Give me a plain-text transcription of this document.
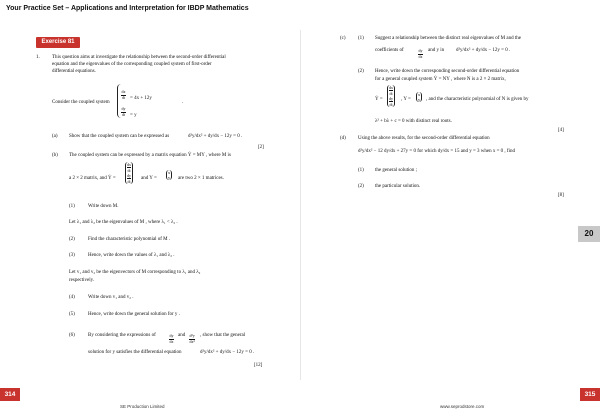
Your Practice Set – Applications and Interpretation for IBDP Mathematics
Exercise 81
1. This question aims at investigate the relationship between the second-order differential
equation and the eigenvalues of the corresponding coupled system of first-order
differential equations.
Consider the coupled system
$\frac{dx}{dt} = 4x + 12y$
.
$\frac{dy}{dt} = y$
(a) Show that the coupled system can be expressed as	d²y/dx² + dy/dx − 12y = 0 .
[2]
(b) The coupled system can be expressed by a matrix equation Ẏ = MY , where M is
a 2 × 2 matrix, and Ẏ =
dx
dt
dy
dt
and Y =
x
y are two 2 × 1 matrices.
(1)	Write down M.
Let λ₁ and λ₂ be the eigenvalues of M , where λ₁ < λ₂ .
(2)	Find the characteristic polynomial of M .
(3)	Hence, write down the values of λ₁ and λ₂ .
Let v₁ and v₂ be the eigenvectors of M corresponding to λ₁ and λ₂
respectively.
(4)	Write down v₁ and v₂ .
(5)	Hence, write down the general solution for y .
(6)	By considering the expressions of	$\frac{dy}{dx}$ and $\frac{\text{d²y}}{\text{dx²}}$ , show that the general
solution for y satisfies the differential equation	d²y/dx² + dy/dx − 12y = 0 .
[12]
(c) (1) Suggest a relationship between the distinct real eigenvalues of M and the
coefficients of	$\frac{dy}{dx}$ and y in d²y/dx² + dy/dx − 12y = 0 .
(2) Hence, write down the corresponding second-order differential equation
for a general coupled system Ẏ = NY , where N is a 2 × 2 matrix,
Ẏ =
dx
dt
dy
dt
, Y =
x
y , and the characteristic polynomial of N is given by
λ² + bλ + c = 0 with distinct real roots.
[4]
(d) Using the above results, for the second-order differential equation
d²y/dx² − 12 dy/dx + 27y = 0 for which dy/dx = 15 and y = 3 when x = 0 , find
(1) the general solution ;
(2) the particular solution.
[8]
20
314	315
SE Production Limited	www.seprodstore.com
